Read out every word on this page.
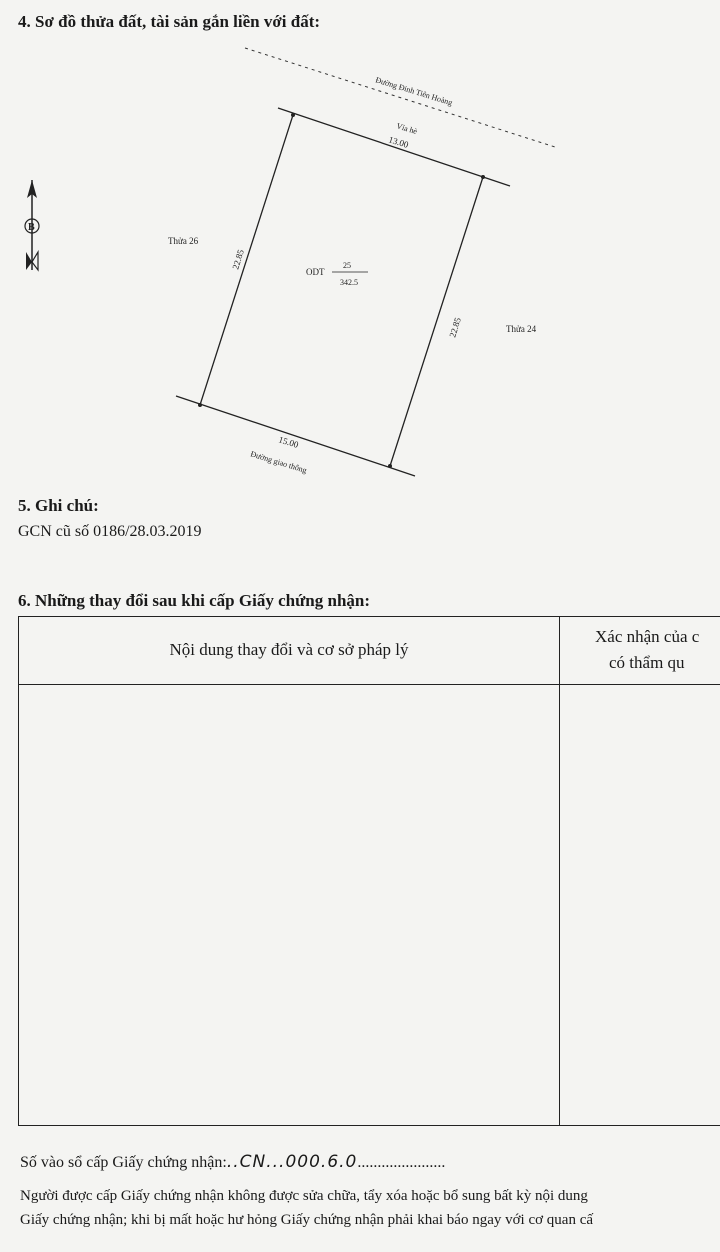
4. Sơ đồ thửa đất, tài sản gắn liền với đất:
Đường Đinh Tiên Hoàng
Vỉa hè
13.00
22.85
22.85
15.00
Đường giao thông
Thửa 26
Thửa 24
ODT
25
342.5
B
5. Ghi chú:
GCN cũ số 0186/28.03.2019
6. Những thay đổi sau khi cấp Giấy chứng nhận:
Nội dung thay đổi và cơ sở pháp lý
Xác nhận của c
có thẩm qu
Số vào sổ cấp Giấy chứng nhận:..CN...000.6.0......................
Người được cấp Giấy chứng nhận không được sửa chữa, tẩy xóa hoặc bổ sung bất kỳ nội dung
Giấy chứng nhận; khi bị mất hoặc hư hỏng Giấy chứng nhận phải khai báo ngay với cơ quan cấ
